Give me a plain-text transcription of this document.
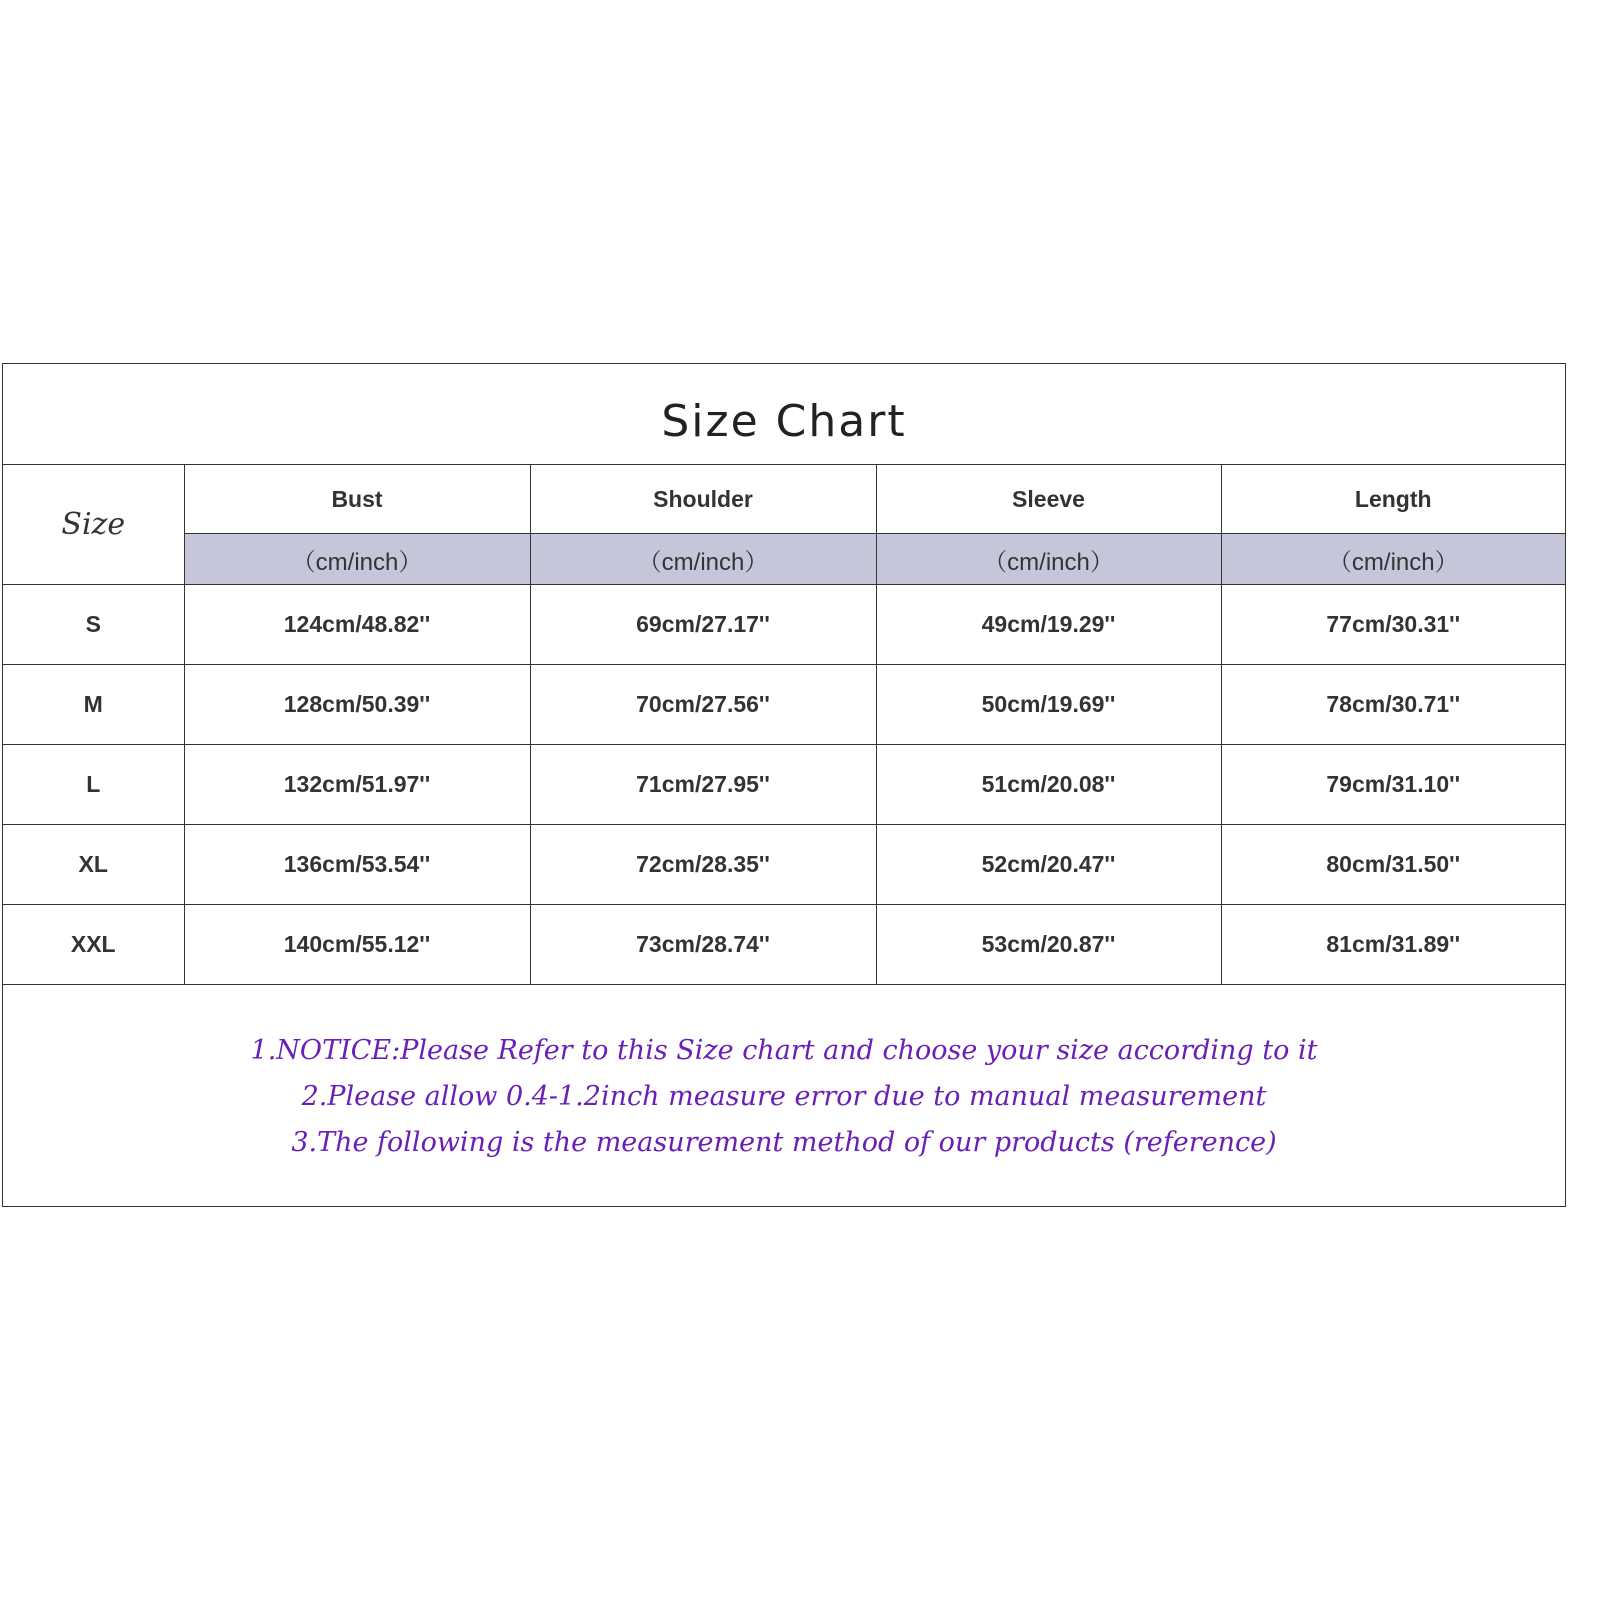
Size Chart
Size	Bust	Shoulder	Sleeve	Length
	（cm/inch）	（cm/inch）	（cm/inch）	（cm/inch）
S	124cm/48.82''	69cm/27.17''	49cm/19.29''	77cm/30.31''
M	128cm/50.39''	70cm/27.56''	50cm/19.69''	78cm/30.71''
L	132cm/51.97''	71cm/27.95''	51cm/20.08''	79cm/31.10''
XL	136cm/53.54''	72cm/28.35''	52cm/20.47''	80cm/31.50''
XXL	140cm/55.12''	73cm/28.74''	53cm/20.87''	81cm/31.89''
1.NOTICE:Please Refer to this Size chart and choose your size according to it
2.Please allow 0.4-1.2inch measure error due to manual measurement
3.The following is the measurement method of our products (reference)
